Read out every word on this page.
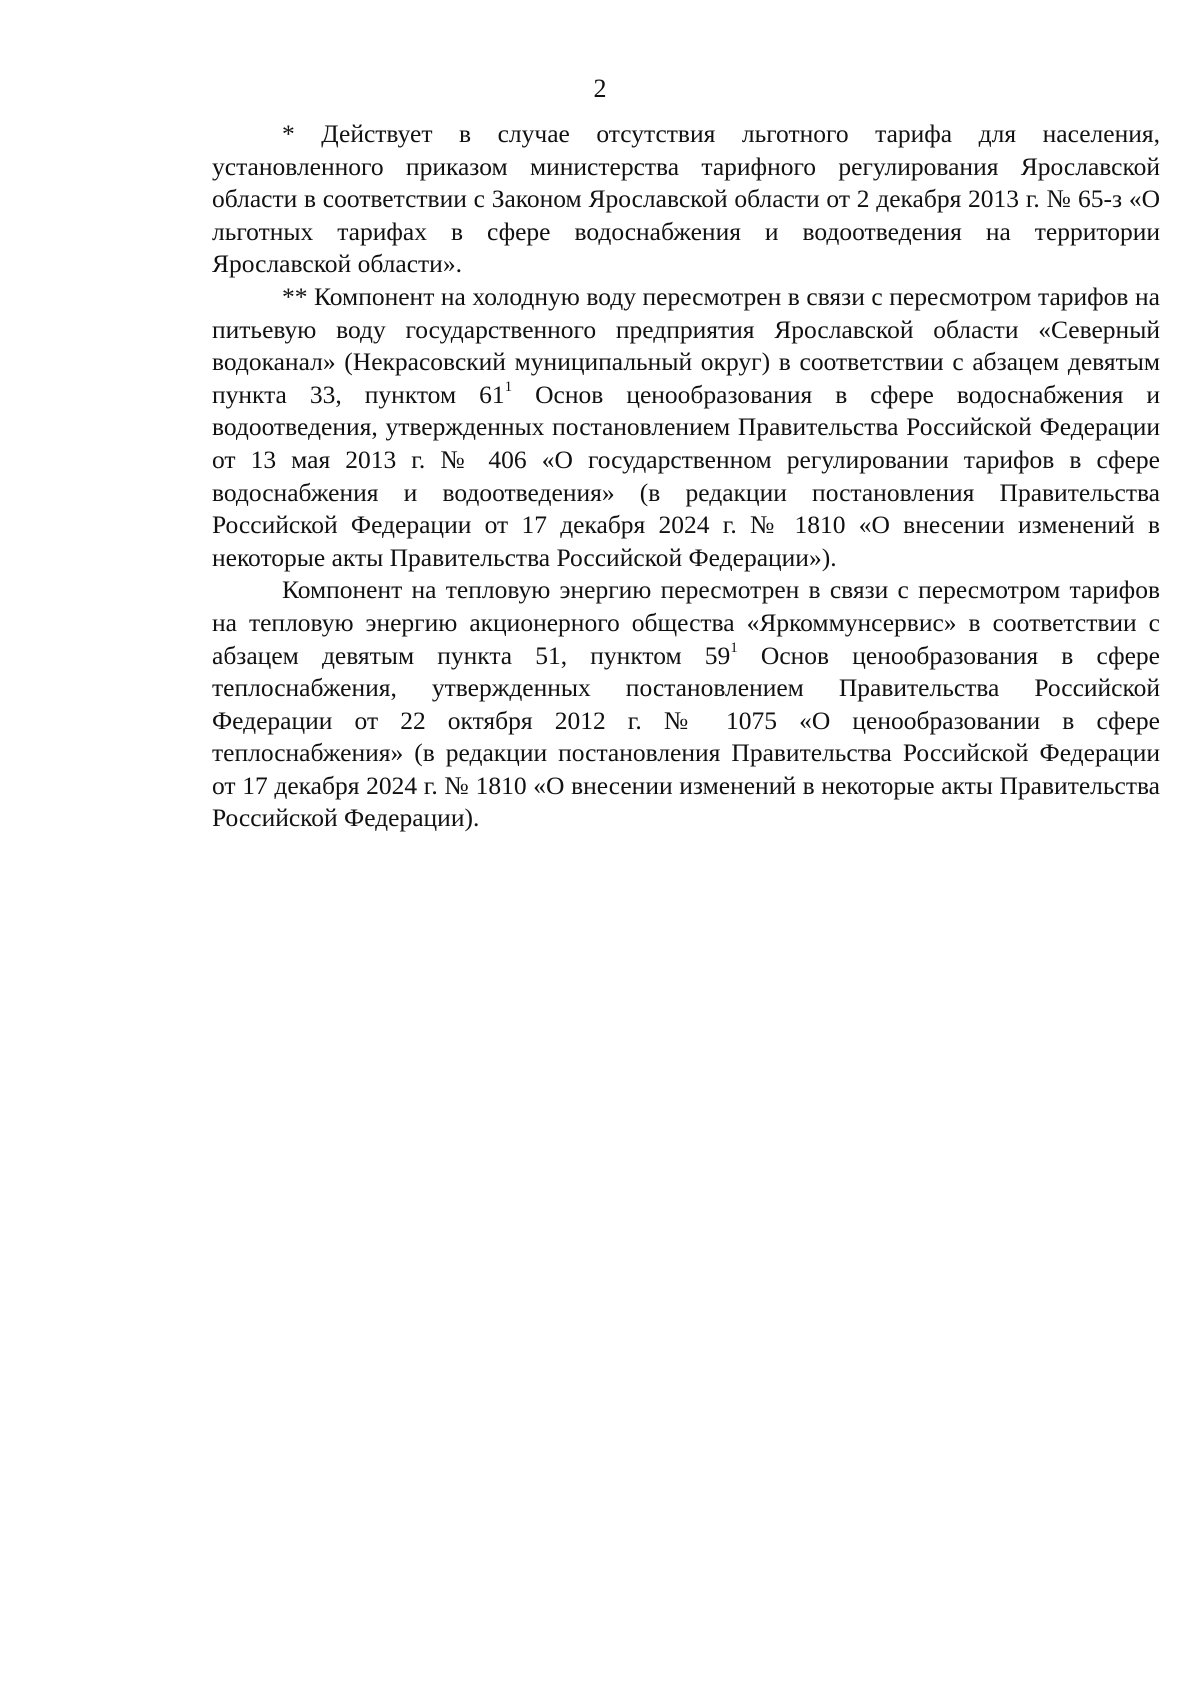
2

* Действует в случае отсутствия льготного тарифа для населения, установленного приказом министерства тарифного регулирования Ярославской области в соответствии с Законом Ярославской области от 2 декабря 2013 г. № 65-з «О льготных тарифах в сфере водоснабжения и водоотведения на территории Ярославской области».

** Компонент на холодную воду пересмотрен в связи с пересмотром тарифов на питьевую воду государственного предприятия Ярославской области «Северный водоканал» (Некрасовский муниципальный округ) в соответствии с абзацем девятым пункта 33, пунктом $61^1$ Основ ценообразования в сфере водоснабжения и водоотведения, утвержденных постановлением Правительства Российской Федерации от 13 мая 2013 г. № 406 «О государственном регулировании тарифов в сфере водоснабжения и водоотведения» (в редакции постановления Правительства Российской Федерации от 17 декабря 2024 г. № 1810 «О внесении изменений в некоторые акты Правительства Российской Федерации»).

Компонент на тепловую энергию пересмотрен в связи с пересмотром тарифов на тепловую энергию акционерного общества «Яркоммунсервис» в соответствии с абзацем девятым пункта 51, пунктом $59^1$ Основ ценообразования в сфере теплоснабжения, утвержденных постановлением Правительства Российской Федерации от 22 октября 2012 г. № 1075 «О ценообразовании в сфере теплоснабжения» (в редакции постановления Правительства Российской Федерации от 17 декабря 2024 г. № 1810 «О внесении изменений в некоторые акты Правительства Российской Федерации).
